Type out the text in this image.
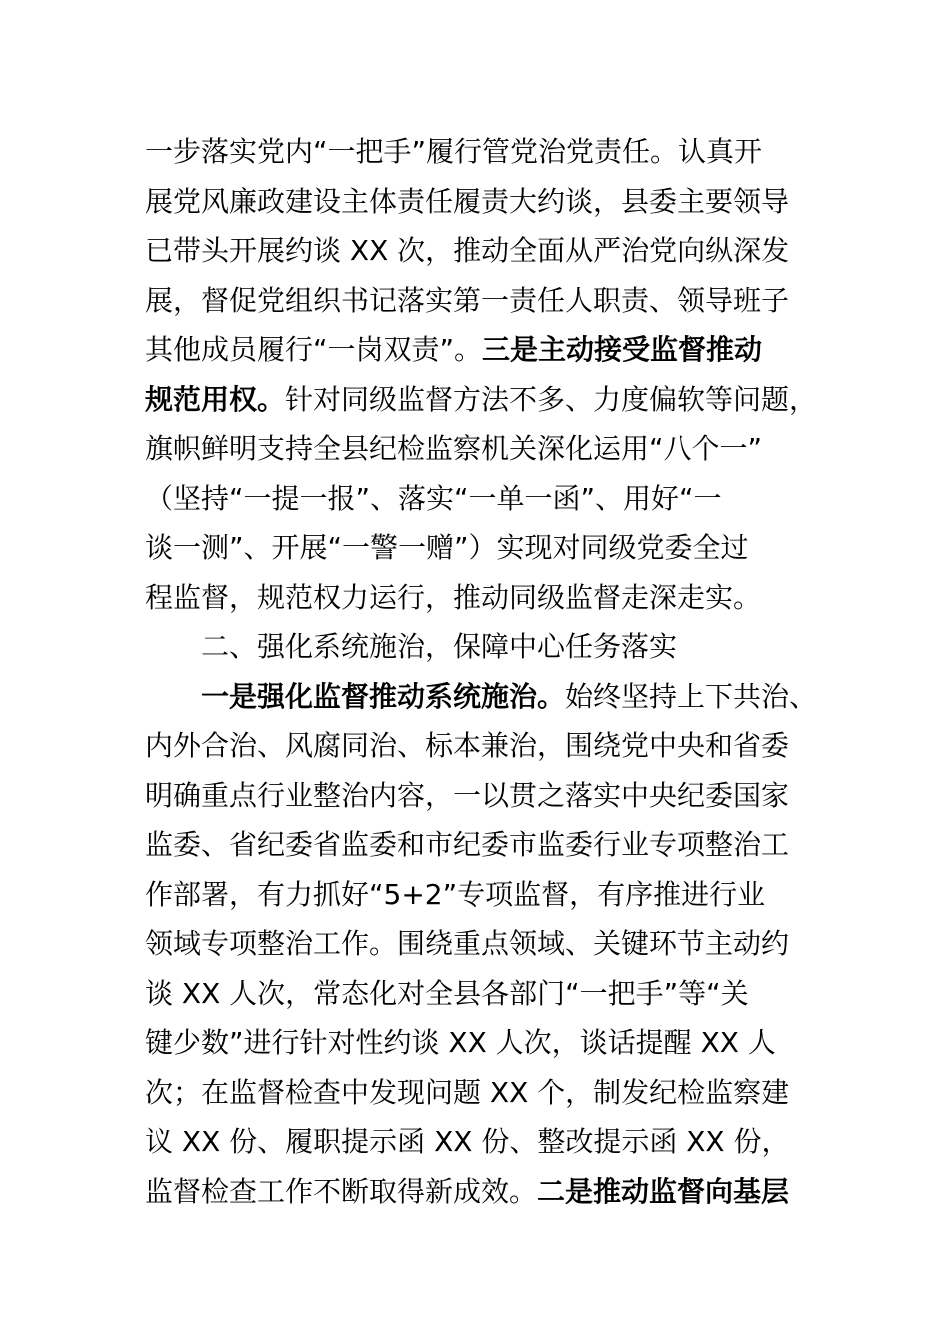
一步落实党内“一把手”履行管党治党责任。认真开
展党风廉政建设主体责任履责大约谈，县委主要领导
已带头开展约谈 XX 次，推动全面从严治党向纵深发
展，督促党组织书记落实第一责任人职责、领导班子
其他成员履行“一岗双责”。三是主动接受监督推动
规范用权。针对同级监督方法不多、力度偏软等问题，
旗帜鲜明支持全县纪检监察机关深化运用“八个一”
（坚持“一提一报”、落实“一单一函”、用好“一
谈一测”、开展“一警一赠”）实现对同级党委全过
程监督，规范权力运行，推动同级监督走深走实。
二、强化系统施治，保障中心任务落实
一是强化监督推动系统施治。始终坚持上下共治、
内外合治、风腐同治、标本兼治，围绕党中央和省委
明确重点行业整治内容，一以贯之落实中央纪委国家
监委、省纪委省监委和市纪委市监委行业专项整治工
作部署，有力抓好“5+2”专项监督，有序推进行业
领域专项整治工作。围绕重点领域、关键环节主动约
谈 XX 人次，常态化对全县各部门“一把手”等“关
键少数”进行针对性约谈 XX 人次，谈话提醒 XX 人
次；在监督检查中发现问题 XX 个，制发纪检监察建
议 XX 份、履职提示函 XX 份、整改提示函 XX 份，
监督检查工作不断取得新成效。二是推动监督向基层
